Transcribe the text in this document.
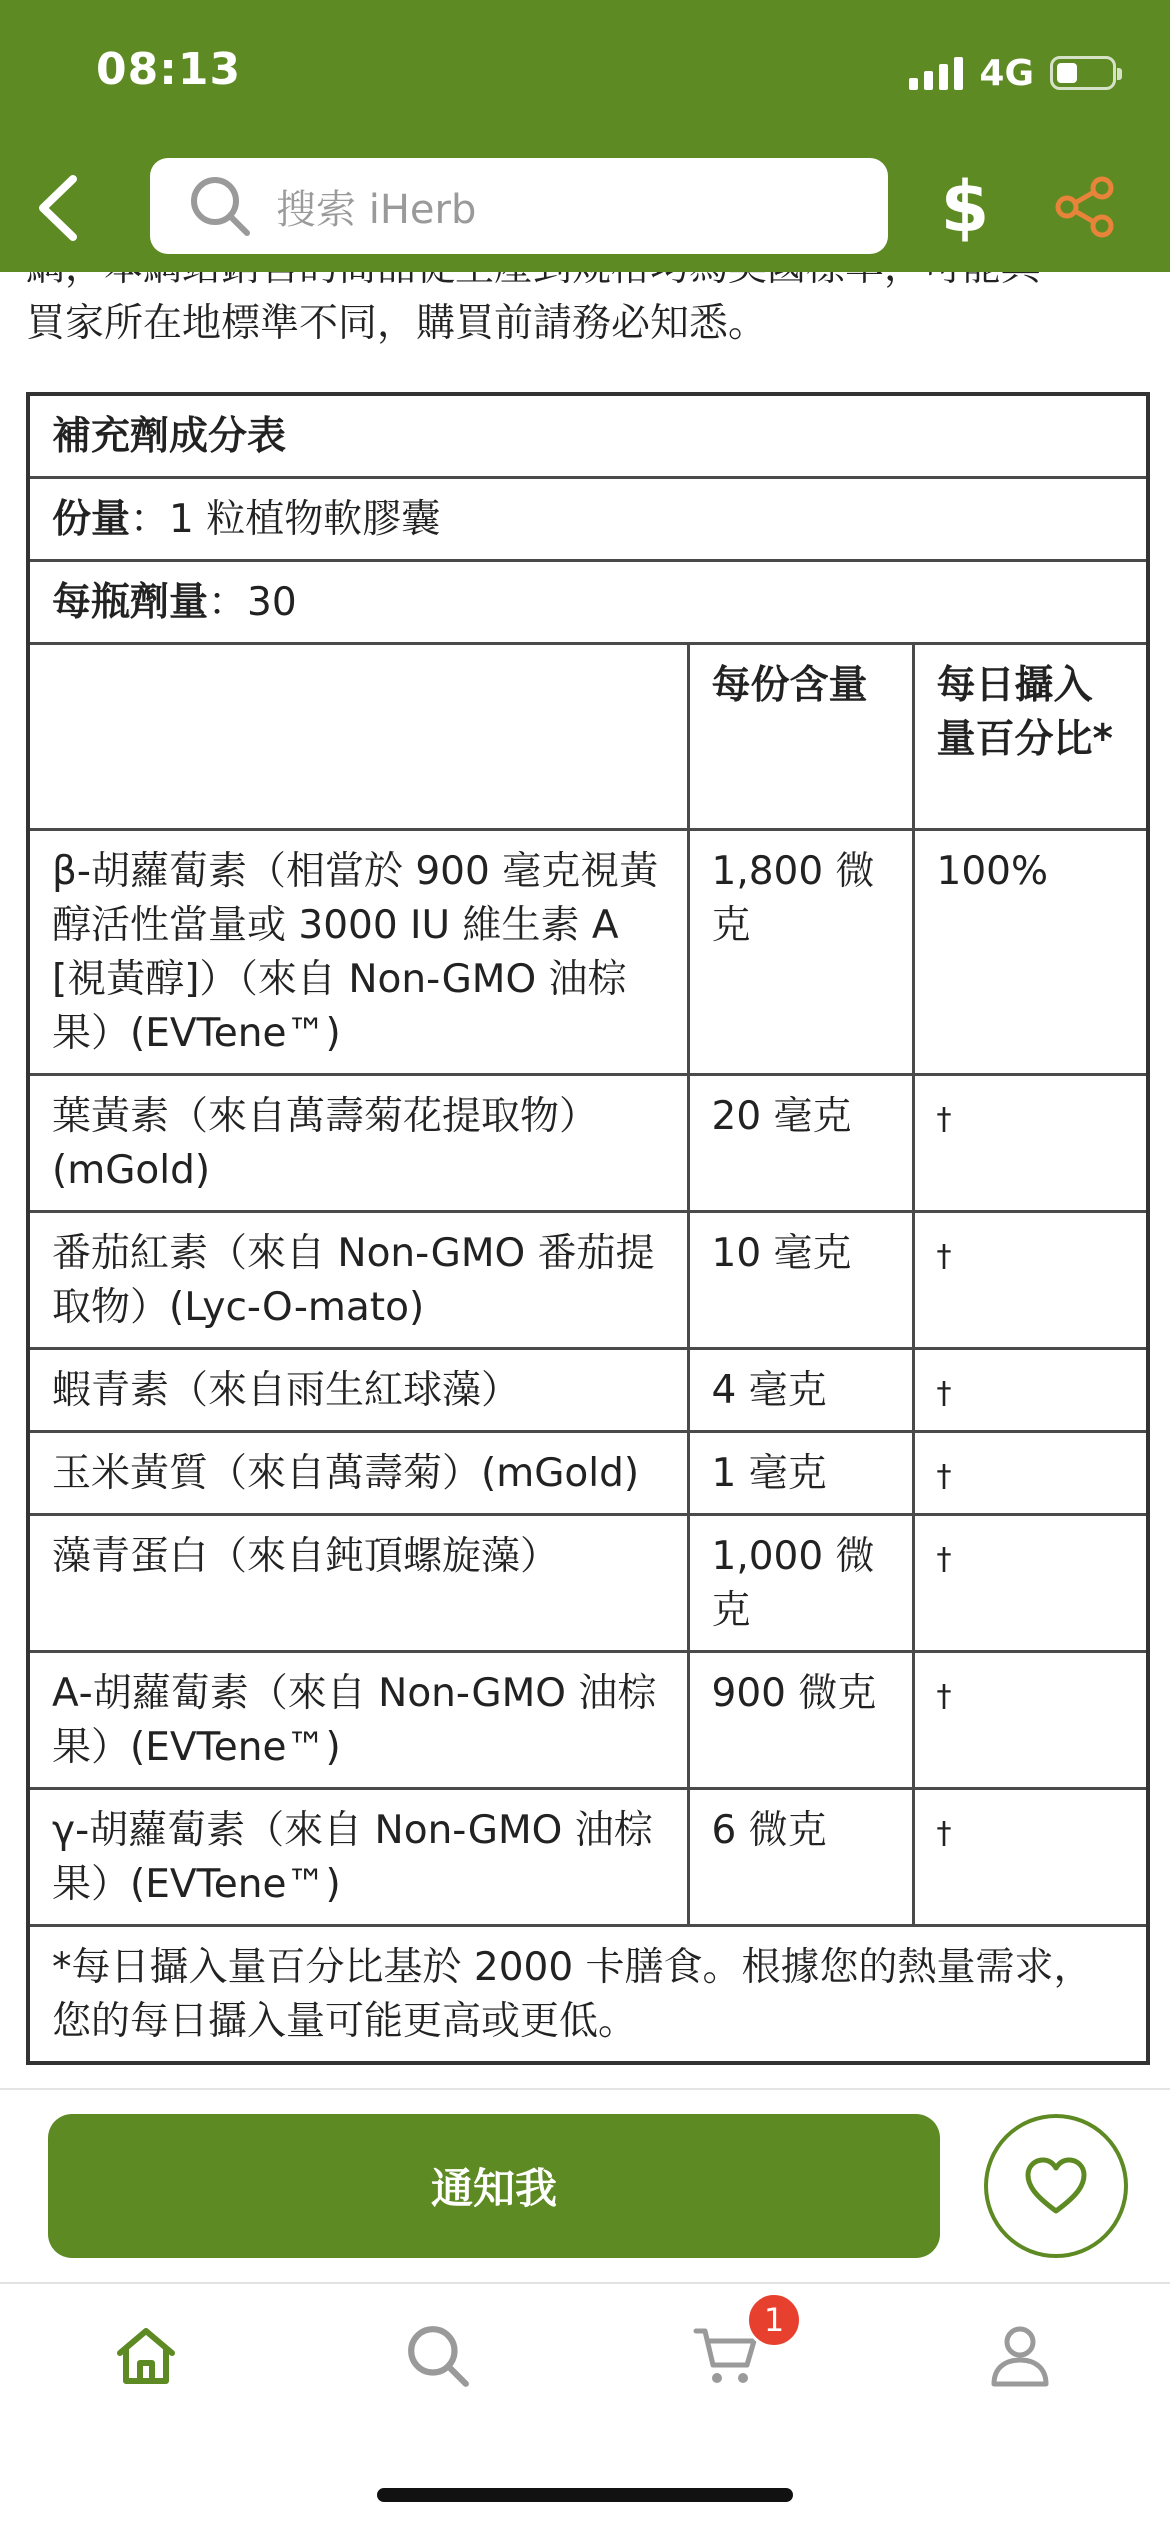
08:13	4G
搜索 iHerb	$
買家所在地標準不同，購買前請務必知悉。
補充劑成分表		
份量：1 粒植物軟膠囊		
每瓶劑量：30		
	每份含量	每日攝入量百分比*
β-胡蘿蔔素（相當於 900 毫克視黃醇活性當量或 3000 IU 維生素 A [視黃醇]）（來自 Non-GMO 油棕果）(EVTene™)	1,800 微克	100%
葉黃素（來自萬壽菊花提取物）(mGold)	20 毫克	†
番茄紅素（來自 Non-GMO 番茄提取物）(Lyc-O-mato)	10 毫克	†
蝦青素（來自雨生紅球藻）	4 毫克	†
玉米黃質（來自萬壽菊）(mGold)	1 毫克	†
藻青蛋白（來自鈍頂螺旋藻）	1,000 微克	†
Α-胡蘿蔔素（來自 Non-GMO 油棕果）(EVTene™)	900 微克	†
γ-胡蘿蔔素（來自 Non-GMO 油棕果）(EVTene™)	6 微克	†
*每日攝入量百分比基於 2000 卡膳食。根據您的熱量需求，您的每日攝入量可能更高或更低。		
通知我
1
